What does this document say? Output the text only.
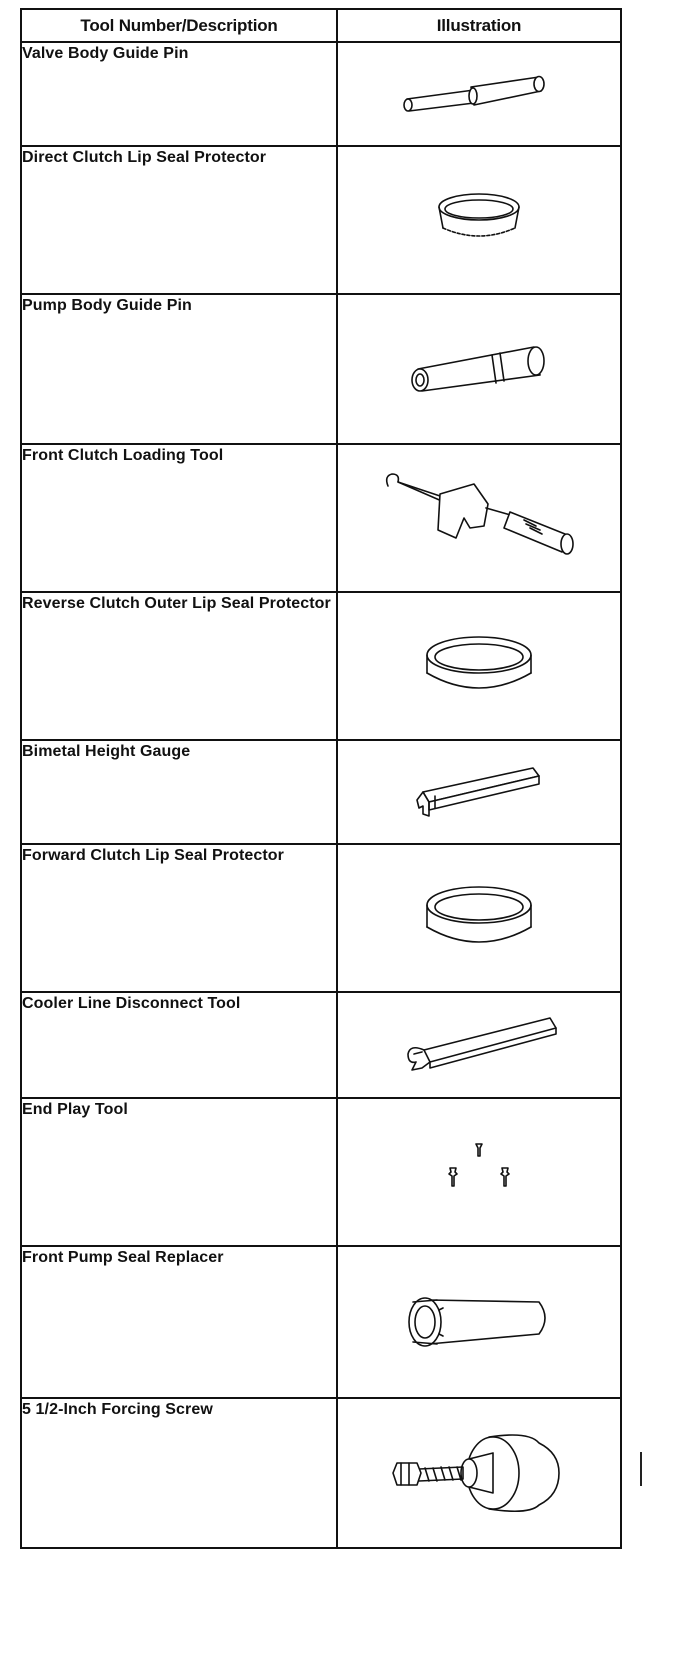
Tool Number/Description	Illustration
Valve Body Guide Pin	

Direct Clutch Lip Seal Protector	

Pump Body Guide Pin	

Front Clutch Loading Tool	

Reverse Clutch Outer Lip Seal Protector	

Bimetal Height Gauge	

Forward Clutch Lip Seal Protector	

Cooler Line Disconnect Tool	

End Play Tool	

Front Pump Seal Replacer	

5 1/2-Inch Forcing Screw	
